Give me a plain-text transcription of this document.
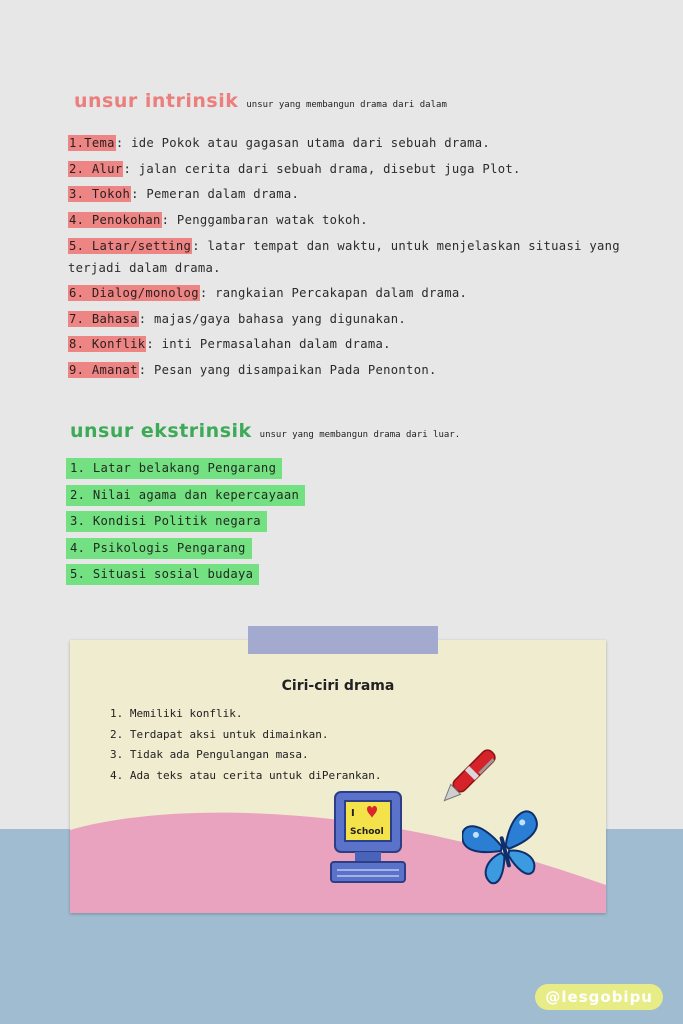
unsur intrinsik unsur yang membangun drama dari dalam
1.Tema: ide Pokok atau gagasan utama dari sebuah drama.
2. Alur: jalan cerita dari sebuah drama, disebut juga Plot.
3. Tokoh: Pemeran dalam drama.
4. Penokohan: Penggambaran watak tokoh.
5. Latar/setting: latar tempat dan waktu, untuk menjelaskan situasi yang terjadi dalam drama.
6. Dialog/monolog: rangkaian Percakapan dalam drama.
7. Bahasa: majas/gaya bahasa yang digunakan.
8. Konflik: inti Permasalahan dalam drama.
9. Amanat: Pesan yang disampaikan Pada Penonton.
unsur ekstrinsik unsur yang membangun drama dari luar.
1. Latar belakang Pengarang
2. Nilai agama dan kepercayaan
3. Kondisi Politik negara
4. Psikologis Pengarang
5. Situasi sosial budaya
Ciri-ciri drama
1. Memiliki konflik.
2. Terdapat aksi untuk dimainkan.
3. Tidak ada Pengulangan masa.
4. Ada teks atau cerita untuk diPerankan.
I
School
@lesgobipu
